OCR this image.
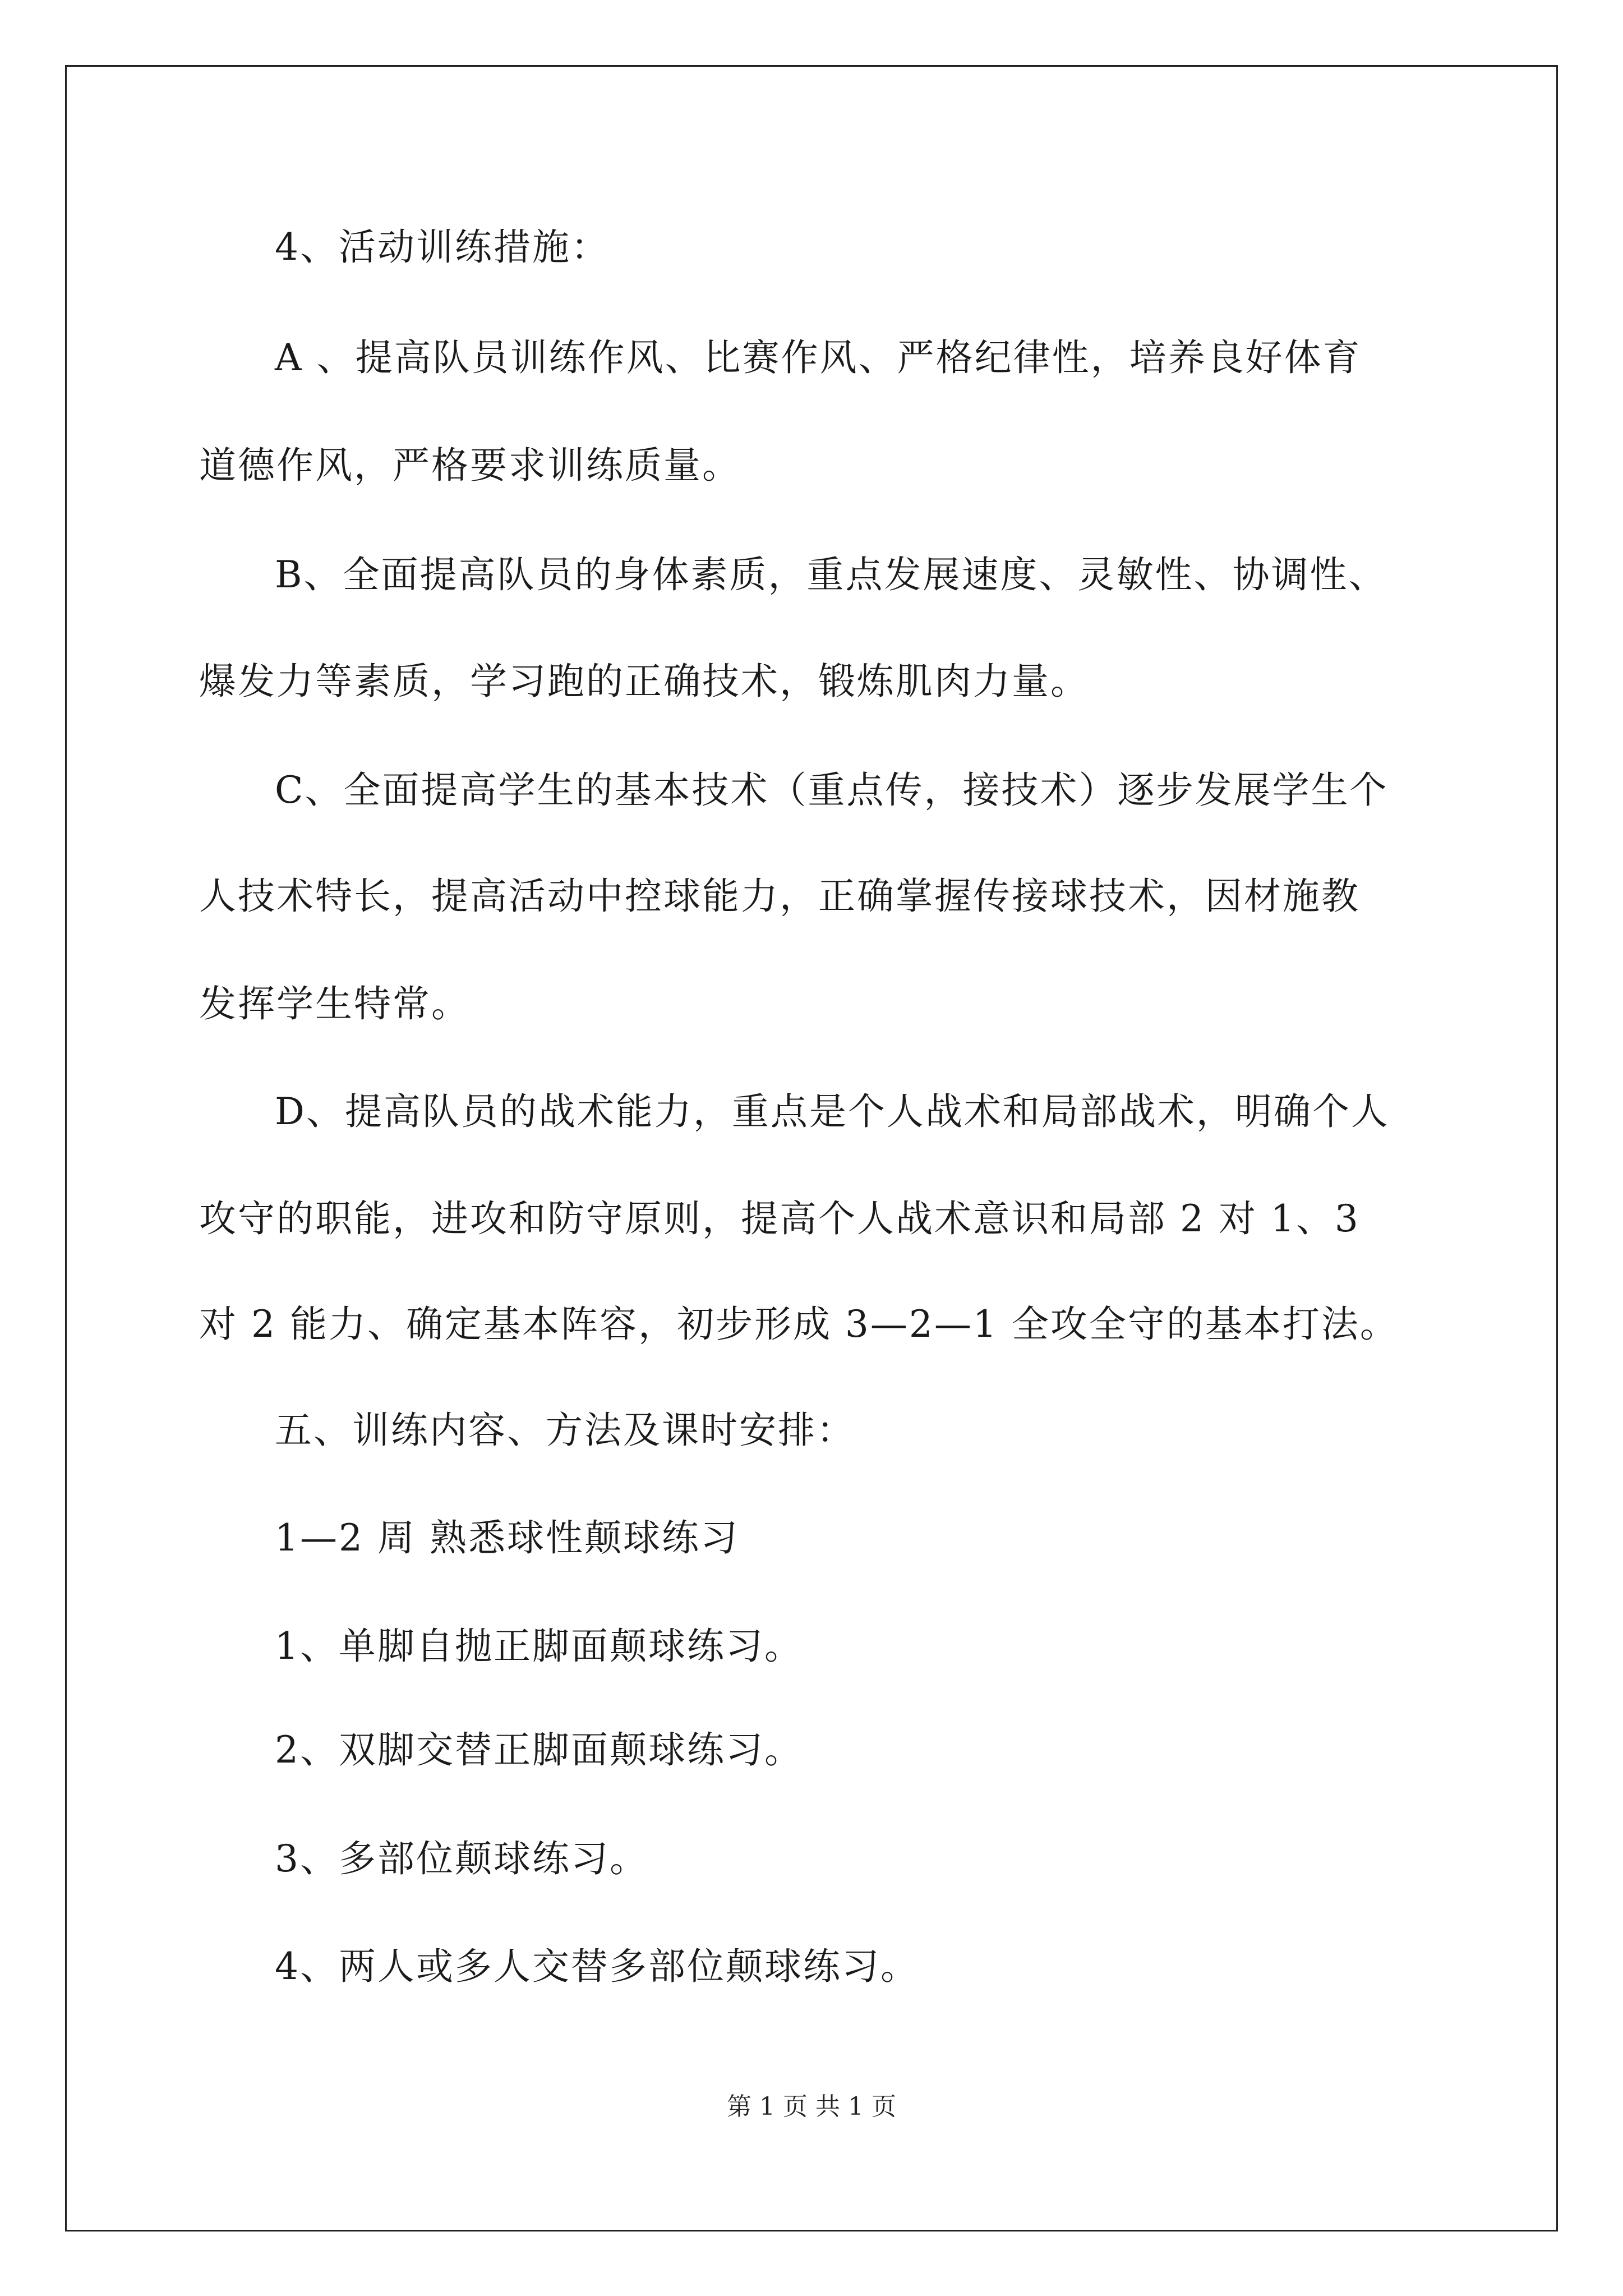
4、活动训练措施：
A 、提高队员训练作风、比赛作风、严格纪律性，培养良好体育
道德作风，严格要求训练质量。
B、全面提高队员的身体素质，重点发展速度、灵敏性、协调性、
爆发力等素质，学习跑的正确技术，锻炼肌肉力量。
C、全面提高学生的基本技术（重点传，接技术）逐步发展学生个
人技术特长，提高活动中控球能力，正确掌握传接球技术，因材施教
发挥学生特常。
D、提高队员的战术能力，重点是个人战术和局部战术，明确个人
攻守的职能，进攻和防守原则，提高个人战术意识和局部 2 对 1、3
对 2 能力、确定基本阵容，初步形成 3—2—1 全攻全守的基本打法。
五、训练内容、方法及课时安排：
1—2 周 熟悉球性颠球练习
1、单脚自抛正脚面颠球练习。
2、双脚交替正脚面颠球练习。
3、多部位颠球练习。
4、两人或多人交替多部位颠球练习。
第 1 页 共 1 页
